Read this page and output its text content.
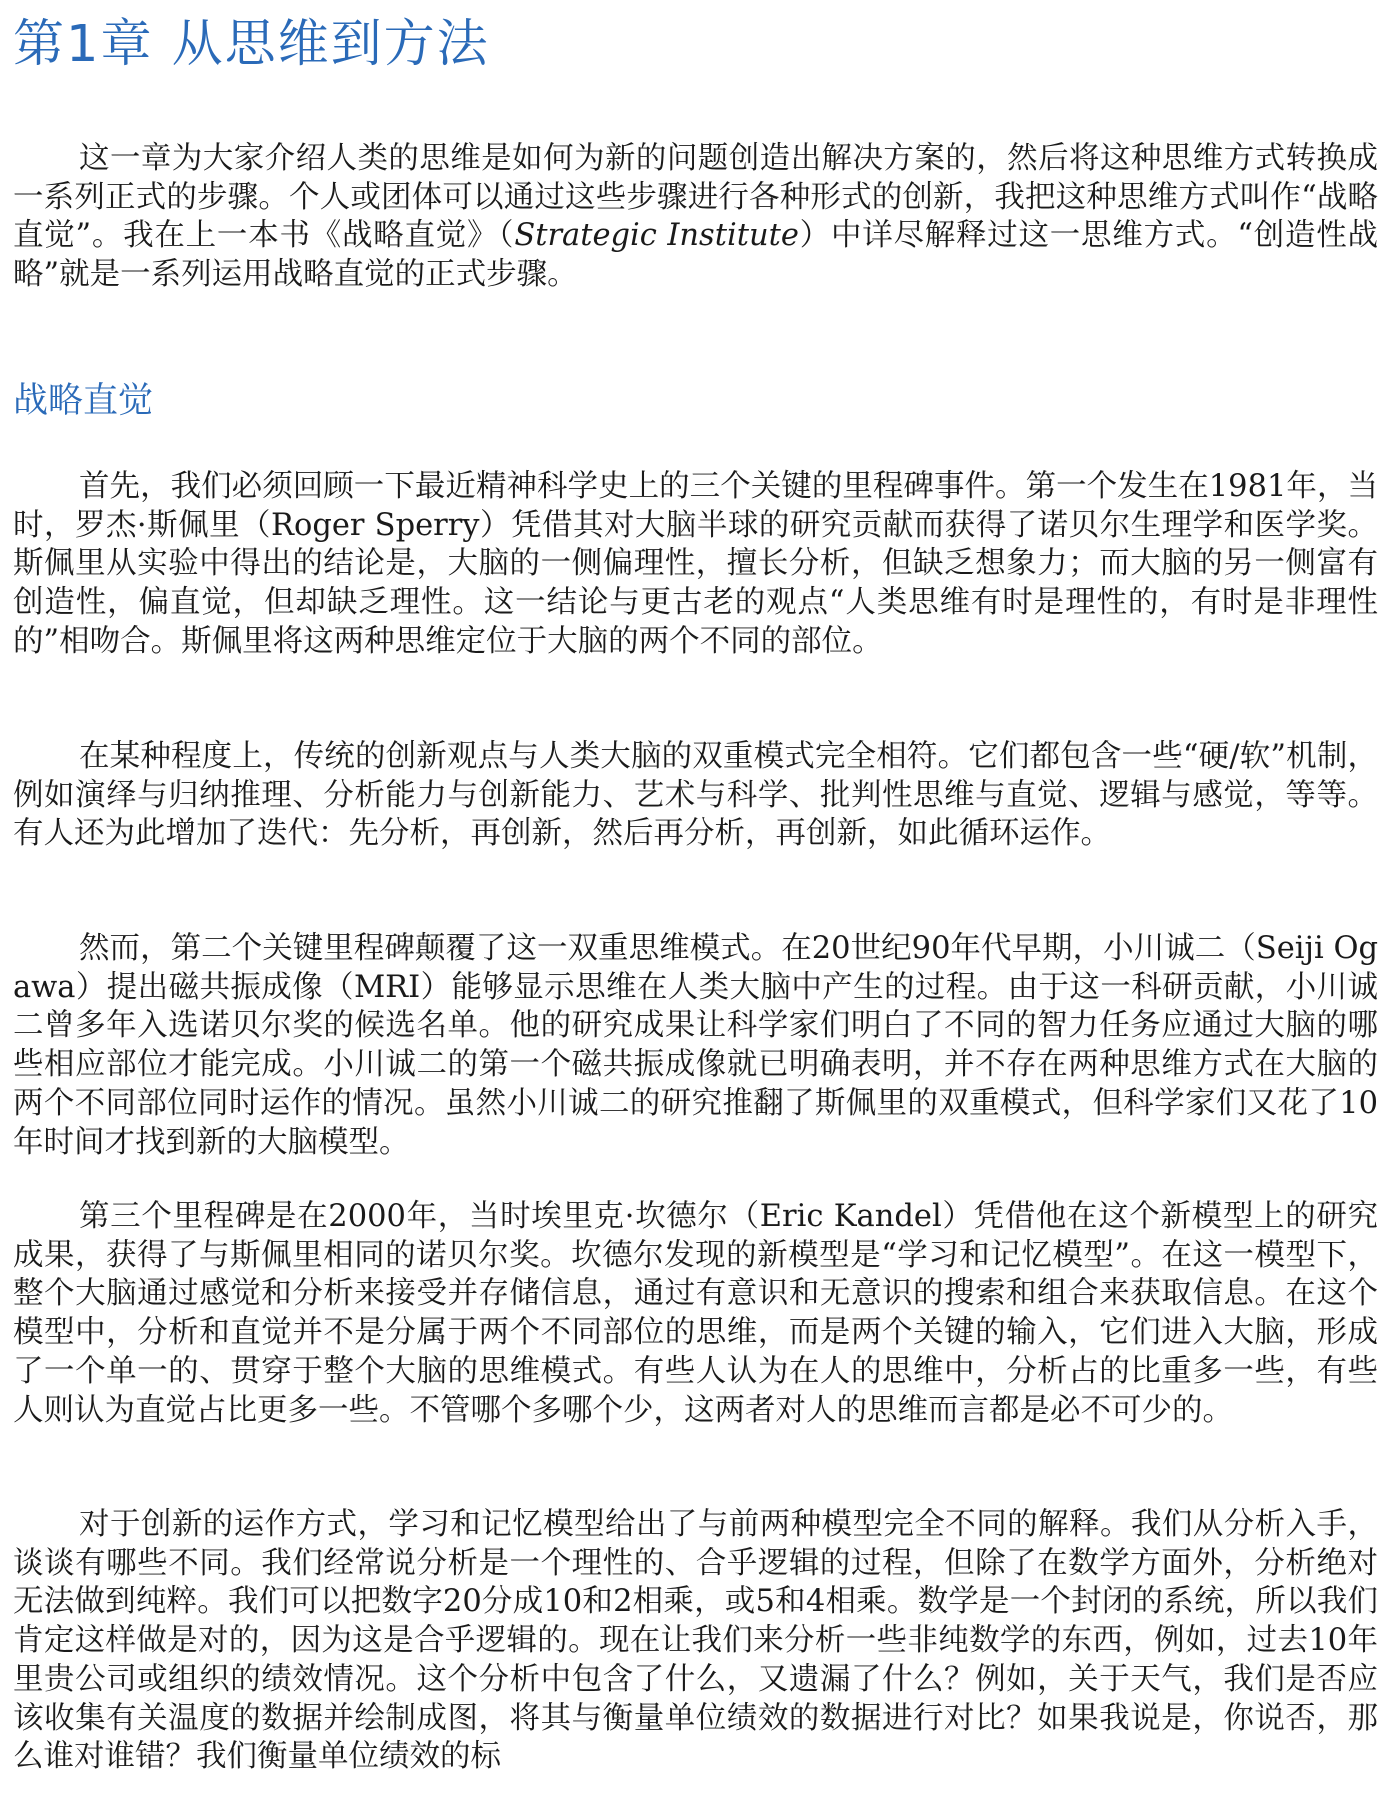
第1章 从思维到方法

这一章为大家介绍人类的思维是如何为新的问题创造出解决方案的，然后将这种思维方式转换成一系列正式的步骤。个人或团体可以通过这些步骤进行各种形式的创新，我把这种思维方式叫作“战略直觉”。我在上一本书《战略直觉》（Strategic Institute）中详尽解释过这一思维方式。“创造性战略”就是一系列运用战略直觉的正式步骤。

战略直觉

首先，我们必须回顾一下最近精神科学史上的三个关键的里程碑事件。第一个发生在1981年，当时，罗杰·斯佩里（Roger Sperry）凭借其对大脑半球的研究贡献而获得了诺贝尔生理学和医学奖。斯佩里从实验中得出的结论是，大脑的一侧偏理性，擅长分析，但缺乏想象力；而大脑的另一侧富有创造性，偏直觉，但却缺乏理性。这一结论与更古老的观点“人类思维有时是理性的，有时是非理性的”相吻合。斯佩里将这两种思维定位于大脑的两个不同的部位。

在某种程度上，传统的创新观点与人类大脑的双重模式完全相符。它们都包含一些“硬/软”机制，例如演绎与归纳推理、分析能力与创新能力、艺术与科学、批判性思维与直觉、逻辑与感觉，等等。有人还为此增加了迭代：先分析，再创新，然后再分析，再创新，如此循环运作。

然而，第二个关键里程碑颠覆了这一双重思维模式。在20世纪90年代早期，小川诚二（Seiji Ogawa）提出磁共振成像（MRI）能够显示思维在人类大脑中产生的过程。由于这一科研贡献，小川诚二曾多年入选诺贝尔奖的候选名单。他的研究成果让科学家们明白了不同的智力任务应通过大脑的哪些相应部位才能完成。小川诚二的第一个磁共振成像就已明确表明，并不存在两种思维方式在大脑的两个不同部位同时运作的情况。虽然小川诚二的研究推翻了斯佩里的双重模式，但科学家们又花了10年时间才找到新的大脑模型。

第三个里程碑是在2000年，当时埃里克·坎德尔（Eric Kandel）凭借他在这个新模型上的研究成果，获得了与斯佩里相同的诺贝尔奖。坎德尔发现的新模型是“学习和记忆模型”。在这一模型下，整个大脑通过感觉和分析来接受并存储信息，通过有意识和无意识的搜索和组合来获取信息。在这个模型中，分析和直觉并不是分属于两个不同部位的思维，而是两个关键的输入，它们进入大脑，形成了一个单一的、贯穿于整个大脑的思维模式。有些人认为在人的思维中，分析占的比重多一些，有些人则认为直觉占比更多一些。不管哪个多哪个少，这两者对人的思维而言都是必不可少的。

对于创新的运作方式，学习和记忆模型给出了与前两种模型完全不同的解释。我们从分析入手，谈谈有哪些不同。我们经常说分析是一个理性的、合乎逻辑的过程，但除了在数学方面外，分析绝对无法做到纯粹。我们可以把数字20分成10和2相乘，或5和4相乘。数学是一个封闭的系统，所以我们肯定这样做是对的，因为这是合乎逻辑的。现在让我们来分析一些非纯数学的东西，例如，过去10年里贵公司或组织的绩效情况。这个分析中包含了什么，又遗漏了什么？例如，关于天气，我们是否应该收集有关温度的数据并绘制成图，将其与衡量单位绩效的数据进行对比？如果我说是，你说否，那么谁对谁错？我们衡量单位绩效的标
